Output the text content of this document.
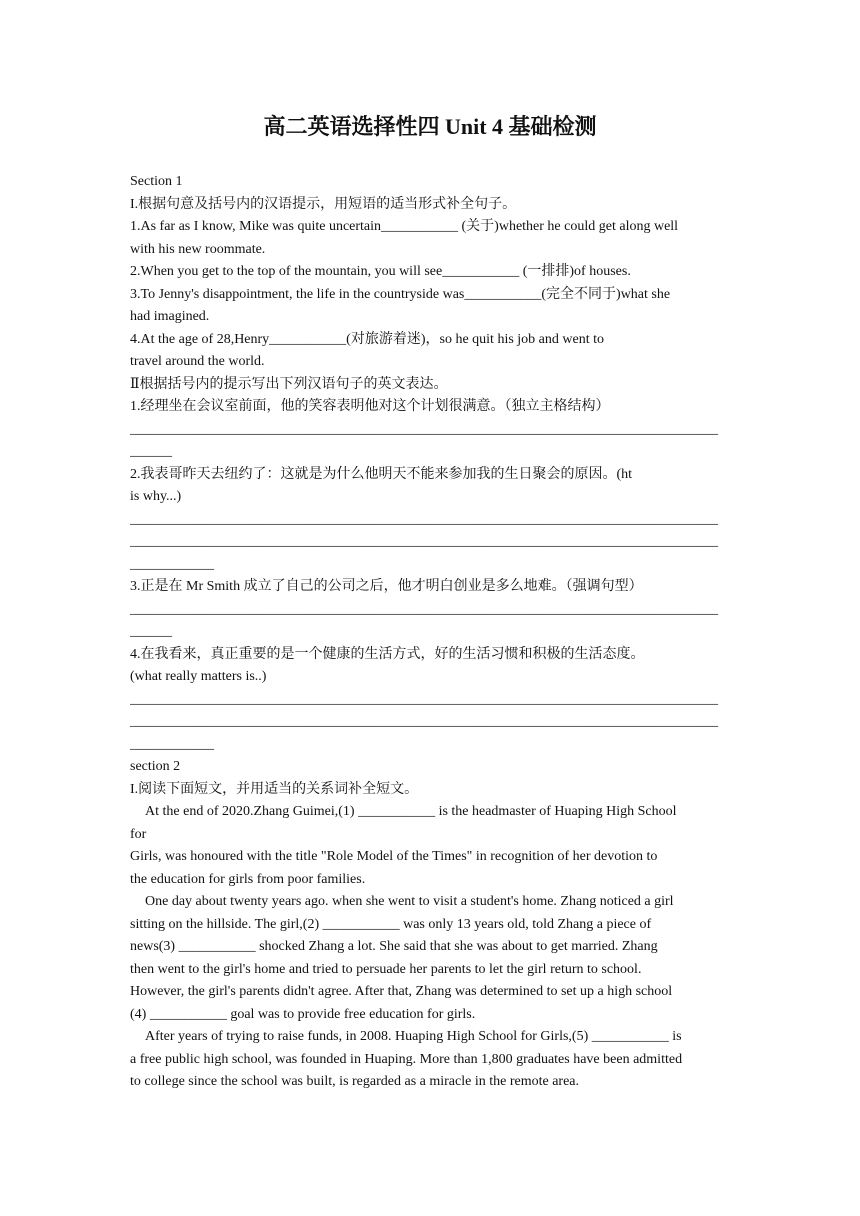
高二英语选择性四 Unit 4 基础检测
Section 1
I.根据句意及括号内的汉语提示，用短语的适当形式补全句子。
1.As far as I know, Mike was quite uncertain___________ (关于)whether he could get along well
with his new roommate.
2.When you get to the top of the mountain, you will see___________ (一排排)of houses.
3.To Jenny's disappointment, the life in the countryside was___________(完全不同于)what she
had imagined.
4.At the age of 28,Henry___________(对旅游着迷)，so he quit his job and went to
travel around the world.
Ⅱ根据括号内的提示写出下列汉语句子的英文表达。
1.经理坐在会议室前面，他的笑容表明他对这个计划很满意。（独立主格结构）
____________________________________________________________________________________
______
2.我表哥昨天去纽约了：这就是为什么他明天不能来参加我的生日聚会的原因。(ht
is why...)
____________________________________________________________________________________
____________________________________________________________________________________
____________
3.正是在 Mr Smith 成立了自己的公司之后，他才明白创业是多么地难。（强调句型）
____________________________________________________________________________________
______
4.在我看来，真正重要的是一个健康的生活方式，好的生活习惯和积极的生活态度。
(what really matters is..)
____________________________________________________________________________________
____________________________________________________________________________________
____________
section 2
I.阅读下面短文，并用适当的关系词补全短文。
At the end of 2020.Zhang Guimei,(1) ___________ is the headmaster of Huaping High School
for
Girls, was honoured with the title "Role Model of the Times" in recognition of her devotion to
the education for girls from poor families.
One day about twenty years ago. when she went to visit a student's home. Zhang noticed a girl
sitting on the hillside. The girl,(2) ___________ was only 13 years old, told Zhang a piece of
news(3) ___________ shocked Zhang a lot. She said that she was about to get married. Zhang
then went to the girl's home and tried to persuade her parents to let the girl return to school.
However, the girl's parents didn't agree. After that, Zhang was determined to set up a high school
(4) ___________ goal was to provide free education for girls.
After years of trying to raise funds, in 2008. Huaping High School for Girls,(5) ___________ is
a free public high school, was founded in Huaping. More than 1,800 graduates have been admitted
to college since the school was built, is regarded as a miracle in the remote area.
